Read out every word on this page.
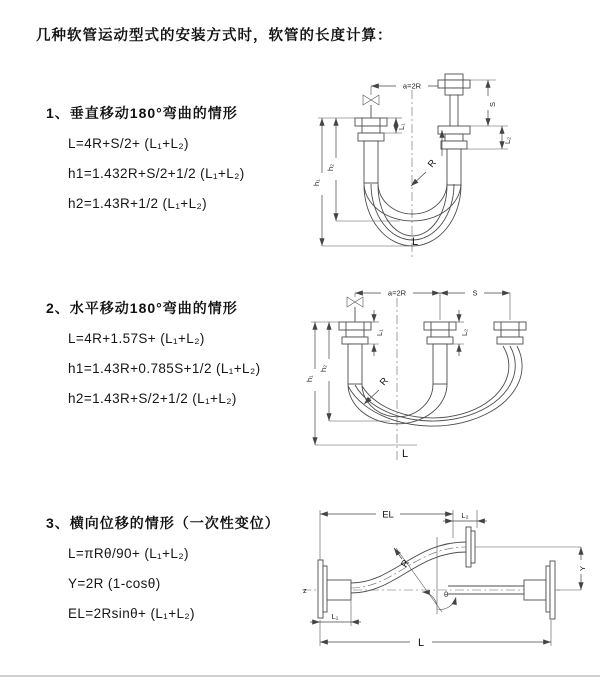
几种软管运动型式的安装方式时，软管的长度计算：
1、垂直移动180°弯曲的情形
L=4R+S/2+ (L₁+L₂)
h1=1.432R+S/2+1/2 (L₁+L₂)
h2=1.43R+1/2 (L₁+L₂)
2、水平移动180°弯曲的情形
L=4R+1.57S+ (L₁+L₂)
h1=1.43R+0.785S+1/2 (L₁+L₂)
h2=1.43R+S/2+1/2 (L₁+L₂)
3、横向位移的情形（一次性变位）
L=πRθ/90+ (L₁+L₂)
Y=2R (1-cosθ)
EL=2Rsinθ+ (L₁+L₂)
a=2R
h₂
h₁
L₁
S
L₂
R
L
a=2R	S
L₁	L₂
h₂
h₁	R
L
z	θ
R
EL	L₂
Y
L
L₁
